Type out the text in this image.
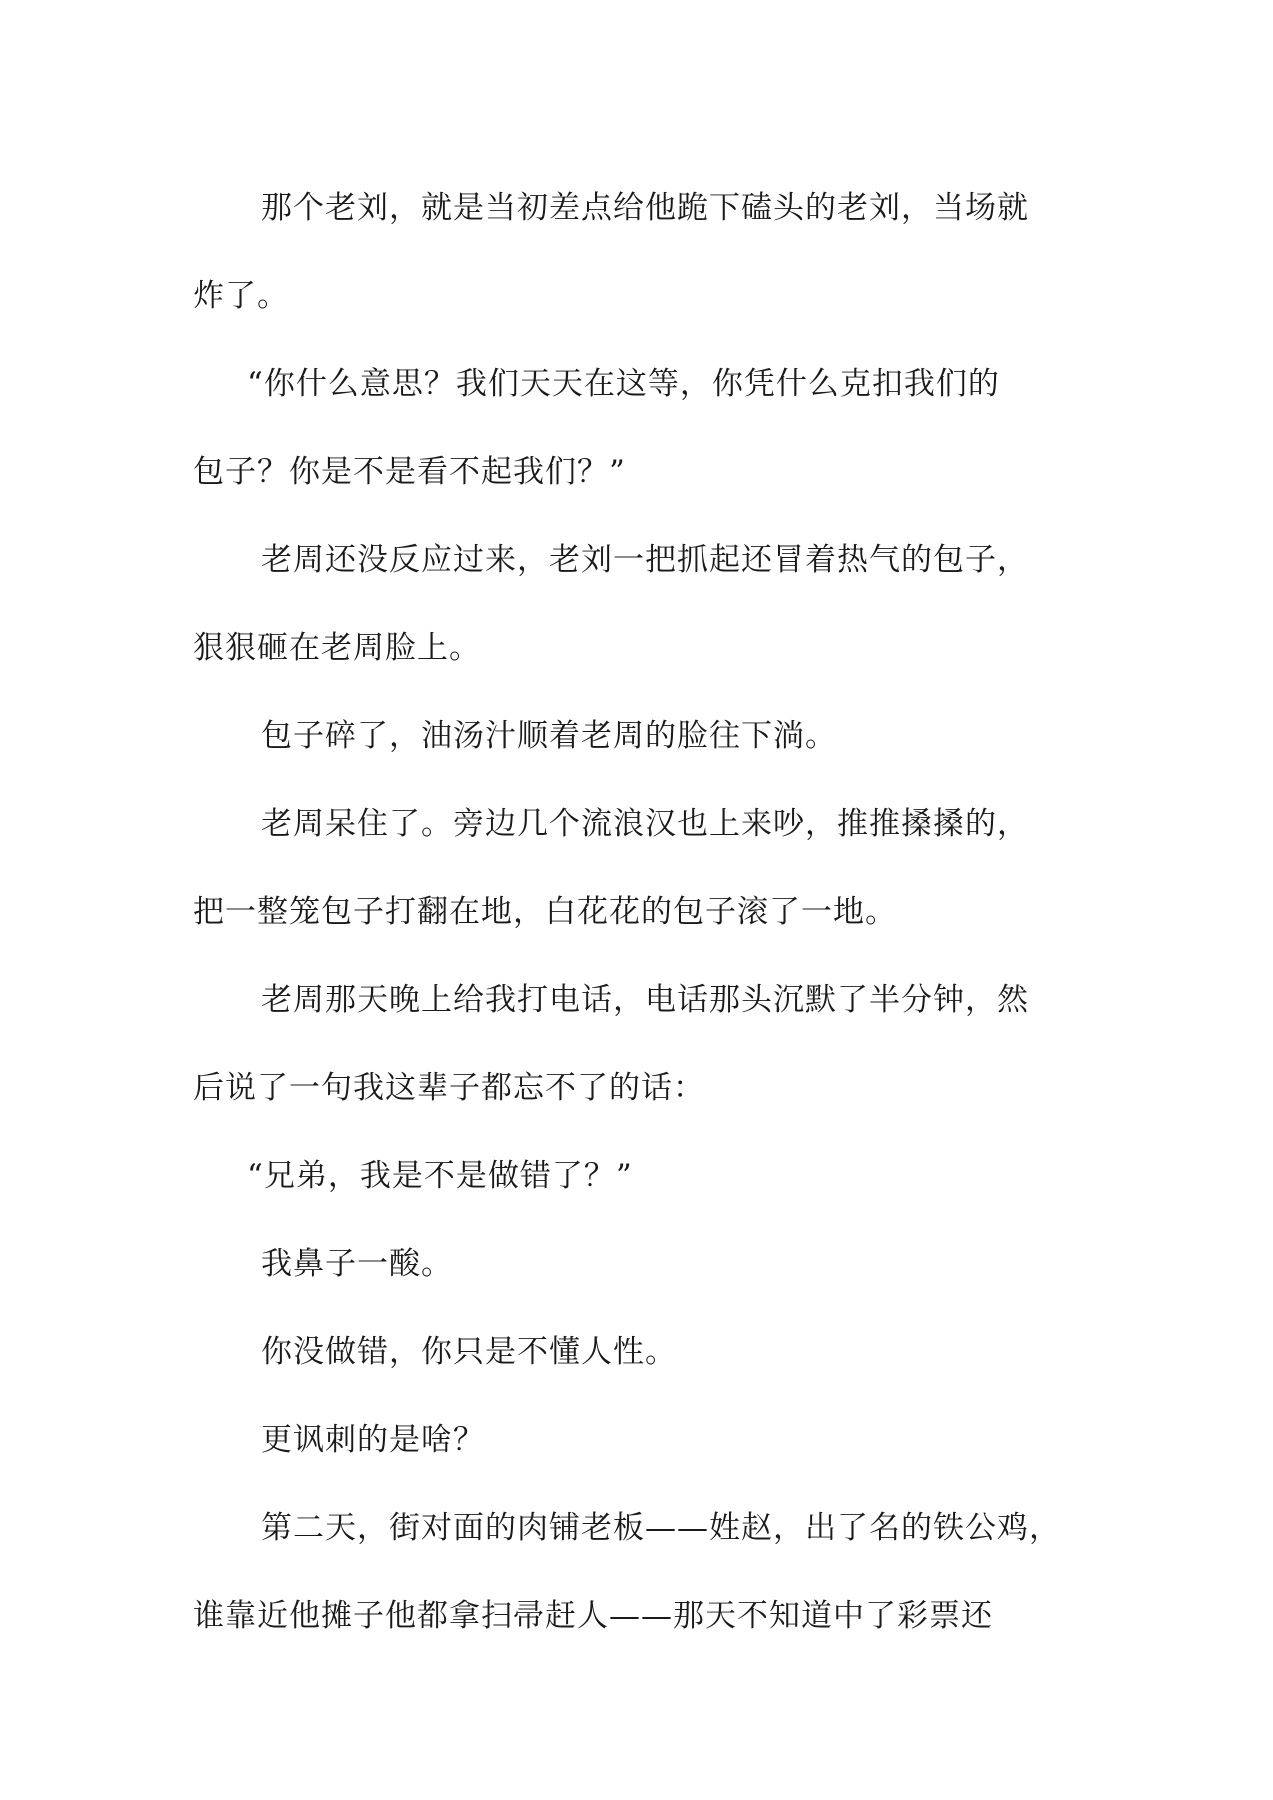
那个老刘，就是当初差点给他跪下磕头的老刘，当场就
炸了。

“你什么意思？我们天天在这等，你凭什么克扣我们的
包子？你是不是看不起我们？”

老周还没反应过来，老刘一把抓起还冒着热气的包子，
狠狠砸在老周脸上。

包子碎了，油汤汁顺着老周的脸往下淌。

老周呆住了。旁边几个流浪汉也上来吵，推推搡搡的，
把一整笼包子打翻在地，白花花的包子滚了一地。

老周那天晚上给我打电话，电话那头沉默了半分钟，然
后说了一句我这辈子都忘不了的话：

“兄弟，我是不是做错了？”

我鼻子一酸。

你没做错，你只是不懂人性。

更讽刺的是啥？

第二天，街对面的肉铺老板——姓赵，出了名的铁公鸡，
谁靠近他摊子他都拿扫帚赶人——那天不知道中了彩票还
